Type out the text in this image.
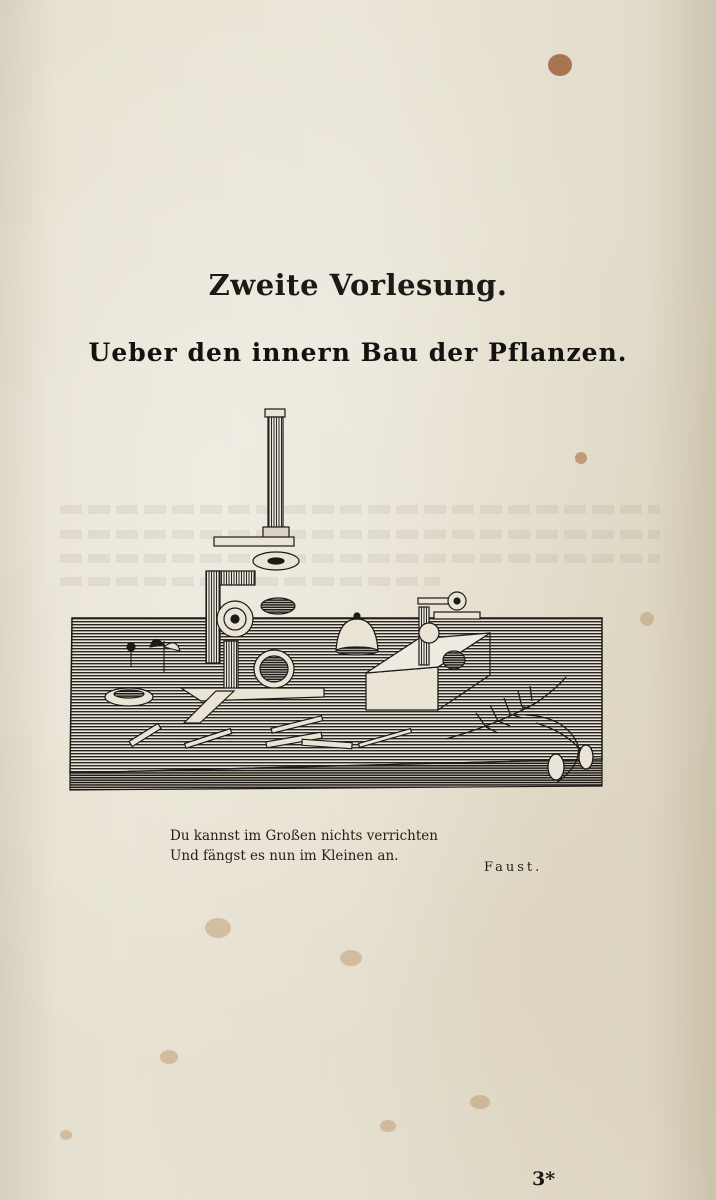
Zweite Vorlesung.
Ueber den innern Bau der Pflanzen.
Du kannst im Großen nichts verrichten
Und fängst es nun im Kleinen an.
Faust.
3*
